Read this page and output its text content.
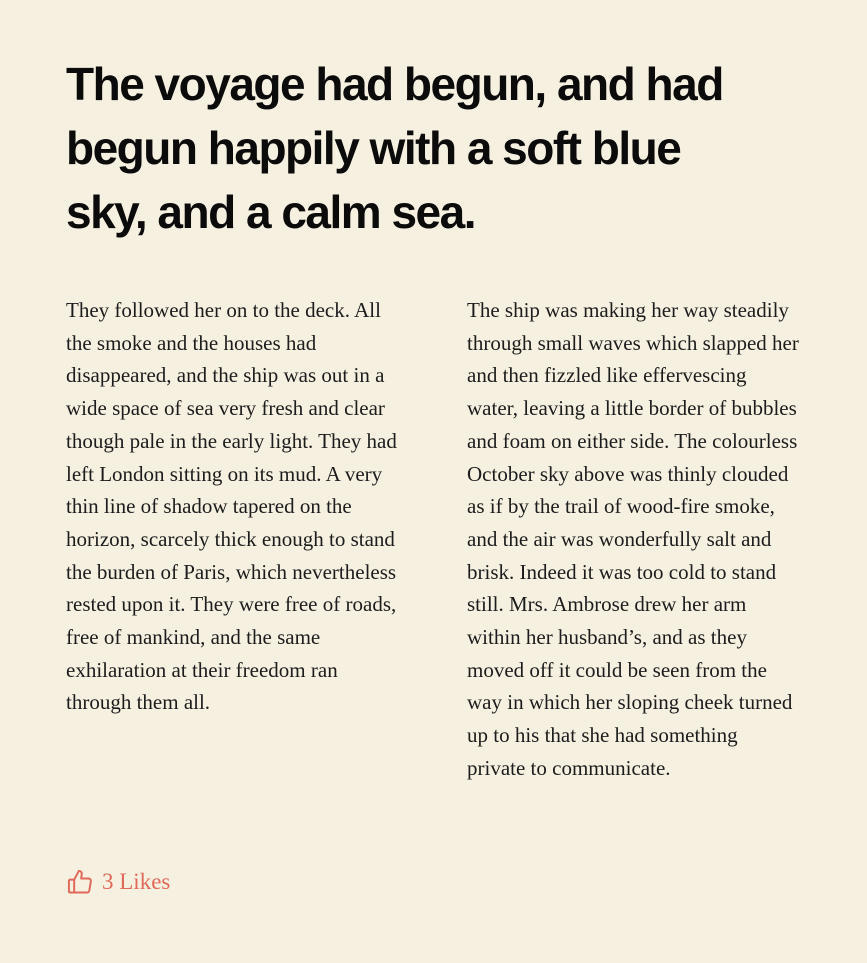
The voyage had begun, and had begun happily with a soft blue sky, and a calm sea.

They followed her on to the deck. All the smoke and the houses had disappeared, and the ship was out in a wide space of sea very fresh and clear though pale in the early light. They had left London sitting on its mud. A very thin line of shadow tapered on the horizon, scarcely thick enough to stand the burden of Paris, which nevertheless rested upon it. They were free of roads, free of mankind, and the same exhilaration at their freedom ran through them all.

The ship was making her way steadily through small waves which slapped her and then fizzled like effervescing water, leaving a little border of bubbles and foam on either side. The colourless October sky above was thinly clouded as if by the trail of wood-fire smoke, and the air was wonderfully salt and brisk. Indeed it was too cold to stand still. Mrs. Ambrose drew her arm within her husband’s, and as they moved off it could be seen from the way in which her sloping cheek turned up to his that she had something private to communicate.

3 Likes
